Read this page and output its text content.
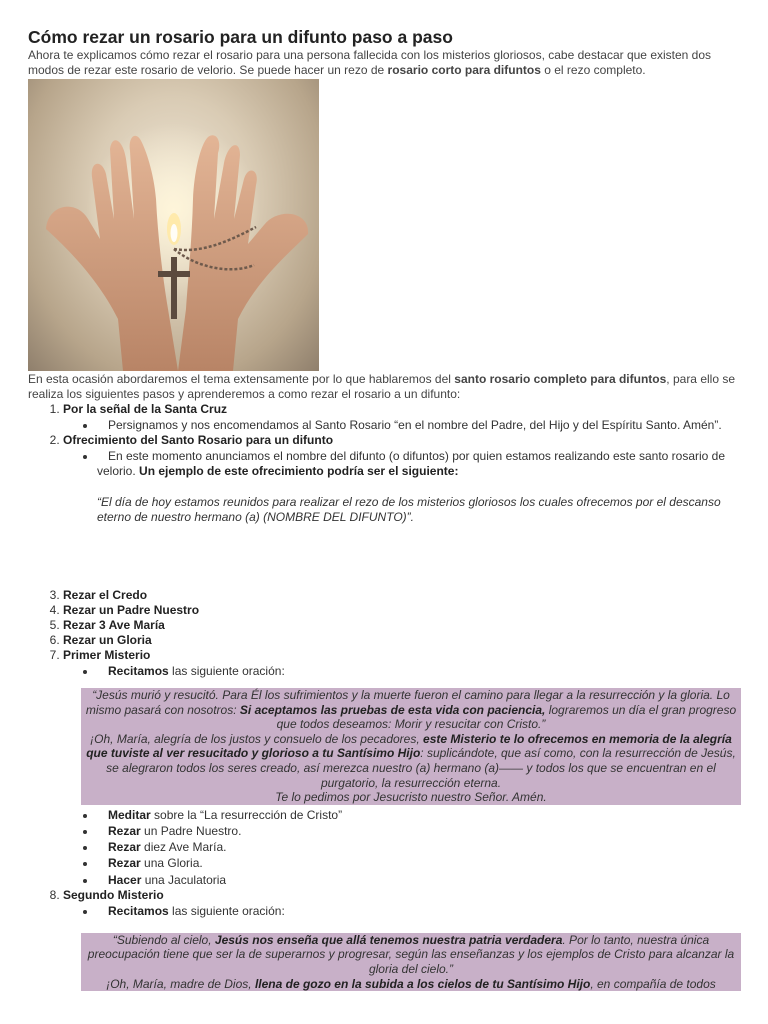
Cómo rezar un rosario para un difunto paso a paso

Ahora te explicamos cómo rezar el rosario para una persona fallecida con los misterios gloriosos, cabe destacar que existen dos modos de rezar este rosario de velorio. Se puede hacer un rezo de rosario corto para difuntos o el rezo completo.

En esta ocasión abordaremos el tema extensamente por lo que hablaremos del santo rosario completo para difuntos, para ello se realiza los siguientes pasos y aprenderemos a como rezar el rosario a un difunto:

1. Por la señal de la Santa Cruz
• Persignamos y nos encomendamos al Santo Rosario “en el nombre del Padre, del Hijo y del Espíritu Santo. Amén”.
2. Ofrecimiento del Santo Rosario para un difunto
• En este momento anunciamos el nombre del difunto (o difuntos) por quien estamos realizando este santo rosario de velorio. Un ejemplo de este ofrecimiento podría ser el siguiente:
“El día de hoy estamos reunidos para realizar el rezo de los misterios gloriosos los cuales ofrecemos por el descanso eterno de nuestro hermano (a) (NOMBRE DEL DIFUNTO)”.
3. Rezar el Credo
4. Rezar un Padre Nuestro
5. Rezar 3 Ave María
6. Rezar un Gloria
7. Primer Misterio
• Recitamos las siguiente oración:
“Jesús murió y resucitó. Para Él los sufrimientos y la muerte fueron el camino para llegar a la resurrección y la gloria. Lo mismo pasará con nosotros: Si aceptamos las pruebas de esta vida con paciencia, lograremos un día el gran progreso que todos deseamos: Morir y resucitar con Cristo.”
¡Oh, María, alegría de los justos y consuelo de los pecadores, este Misterio te lo ofrecemos en memoria de la alegría que tuviste al ver resucitado y glorioso a tu Santísimo Hijo: suplicándote, que así como, con la resurrección de Jesús, se alegraron todos los seres creado, así merezca nuestro (a) hermano (a)—— y todos los que se encuentran en el purgatorio, la resurrección eterna.
Te lo pedimos por Jesucristo nuestro Señor. Amén.
• Meditar sobre la “La resurrección de Cristo”
• Rezar un Padre Nuestro.
• Rezar diez Ave María.
• Rezar una Gloria.
• Hacer una Jaculatoria
8. Segundo Misterio
• Recitamos las siguiente oración:
“Subiendo al cielo, Jesús nos enseña que allá tenemos nuestra patria verdadera. Por lo tanto, nuestra única preocupación tiene que ser la de superarnos y progresar, según las enseñanzas y los ejemplos de Cristo para alcanzar la gloria del cielo.”
¡Oh, María, madre de Dios, llena de gozo en la subida a los cielos de tu Santísimo Hijo, en compañía de todos
